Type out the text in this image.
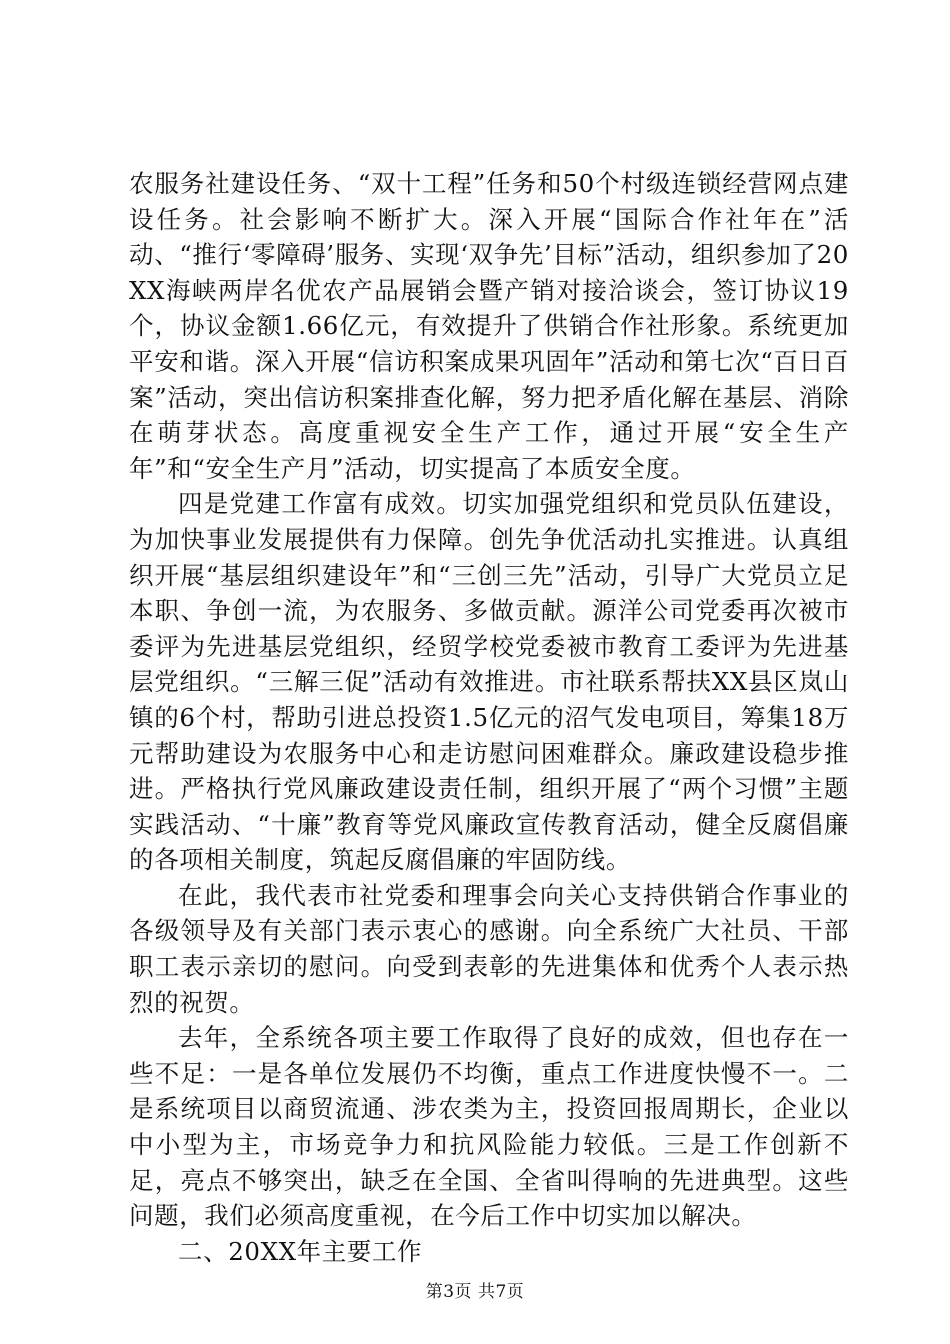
农服务社建设任务、“双十工程”任务和50个村级连锁经营网点建设任务。社会影响不断扩大。深入开展“国际合作社年在”活动、“推行‘零障碍’服务、实现‘双争先’目标”活动，组织参加了20XX海峡两岸名优农产品展销会暨产销对接洽谈会，签订协议19个，协议金额1.66亿元，有效提升了供销合作社形象。系统更加平安和谐。深入开展“信访积案成果巩固年”活动和第七次“百日百案”活动，突出信访积案排查化解，努力把矛盾化解在基层、消除在萌芽状态。高度重视安全生产工作，通过开展“安全生产年”和“安全生产月”活动，切实提高了本质安全度。

四是党建工作富有成效。切实加强党组织和党员队伍建设，为加快事业发展提供有力保障。创先争优活动扎实推进。认真组织开展“基层组织建设年”和“三创三先”活动，引导广大党员立足本职、争创一流，为农服务、多做贡献。源洋公司党委再次被市委评为先进基层党组织，经贸学校党委被市教育工委评为先进基层党组织。“三解三促”活动有效推进。市社联系帮扶XX县区岚山镇的6个村，帮助引进总投资1.5亿元的沼气发电项目，筹集18万元帮助建设为农服务中心和走访慰问困难群众。廉政建设稳步推进。严格执行党风廉政建设责任制，组织开展了“两个习惯”主题实践活动、“十廉”教育等党风廉政宣传教育活动，健全反腐倡廉的各项相关制度，筑起反腐倡廉的牢固防线。

在此，我代表市社党委和理事会向关心支持供销合作事业的各级领导及有关部门表示衷心的感谢。向全系统广大社员、干部职工表示亲切的慰问。向受到表彰的先进集体和优秀个人表示热烈的祝贺。

去年，全系统各项主要工作取得了良好的成效，但也存在一些不足：一是各单位发展仍不均衡，重点工作进度快慢不一。二是系统项目以商贸流通、涉农类为主，投资回报周期长，企业以中小型为主，市场竞争力和抗风险能力较低。三是工作创新不足，亮点不够突出，缺乏在全国、全省叫得响的先进典型。这些问题，我们必须高度重视，在今后工作中切实加以解决。

二、20XX年主要工作

第3页 共7页
